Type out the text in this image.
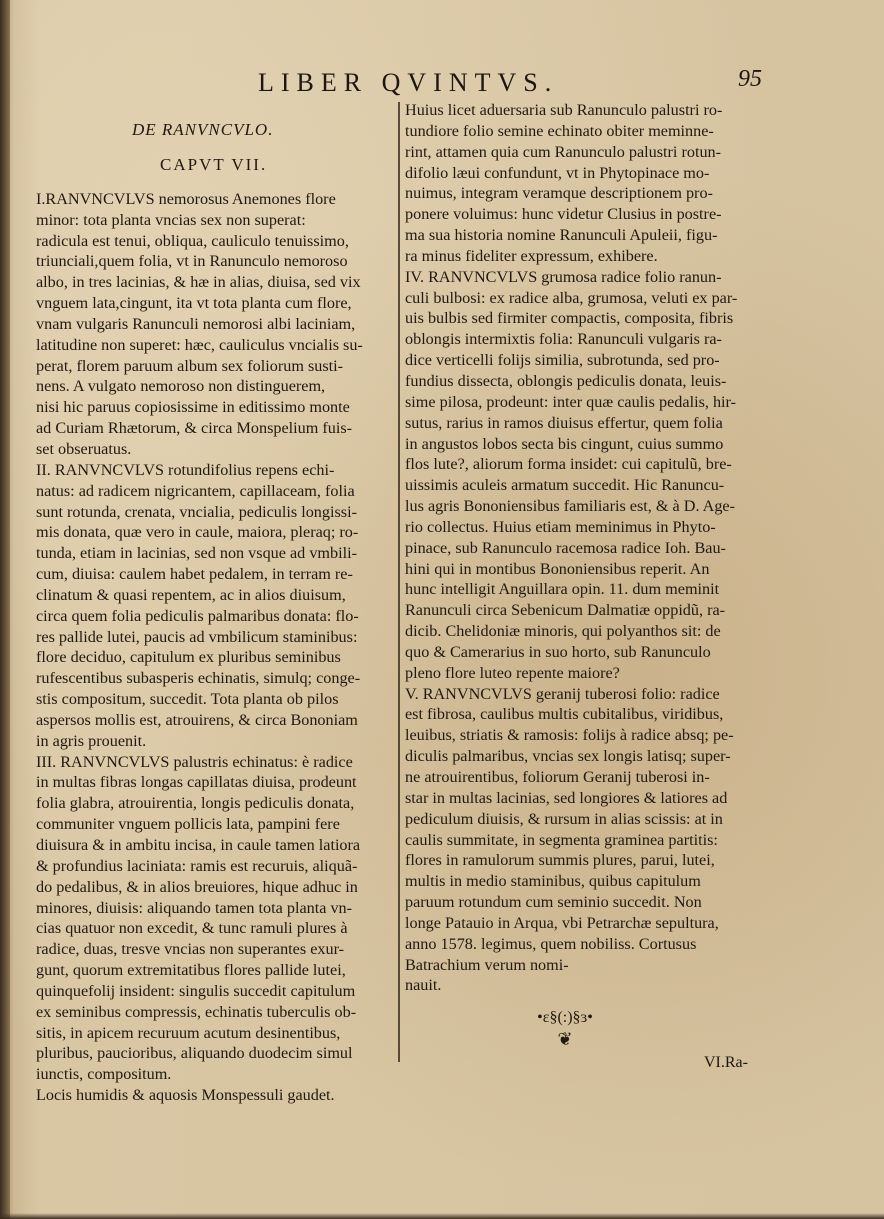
LIBER QVINTVS.	95
DE RANVNCVLO.
CAPVT VII.
I.RANVNCVLVS nemorosus Anemones flore
minor: tota planta vncias sex non superat:
radicula est tenui, obliqua, cauliculo tenuissimo,
triunciali,quem folia, vt in Ranunculo nemoroso
albo, in tres lacinias, & hæ in alias, diuisa, sed vix
vnguem lata,cingunt, ita vt tota planta cum flore,
vnam vulgaris Ranunculi nemorosi albi laciniam,
latitudine non superet: hæc, cauliculus vncialis su-
perat, florem paruum album sex foliorum susti-
nens. A vulgato nemoroso non distinguerem,
nisi hic paruus copiosissime in editissimo monte
ad Curiam Rhætorum, & circa Monspelium fuis-
set obseruatus.
II. RANVNCVLVS rotundifolius repens echi-
natus: ad radicem nigricantem, capillaceam, folia
sunt rotunda, crenata, vncialia, pediculis longissi-
mis donata, quæ vero in caule, maiora, pleraq; ro-
tunda, etiam in lacinias, sed non vsque ad vmbili-
cum, diuisa: caulem habet pedalem, in terram re-
clinatum & quasi repentem, ac in alios diuisum,
circa quem folia pediculis palmaribus donata: flo-
res pallide lutei, paucis ad vmbilicum staminibus:
flore deciduo, capitulum ex pluribus seminibus
rufescentibus subasperis echinatis, simulq; conge-
stis compositum, succedit. Tota planta ob pilos
aspersos mollis est, atrouirens, & circa Bononiam
in agris prouenit.
III. RANVNCVLVS palustris echinatus: è radice
in multas fibras longas capillatas diuisa, prodeunt
folia glabra, atrouirentia, longis pediculis donata,
communiter vnguem pollicis lata, pampini fere
diuisura & in ambitu incisa, in caule tamen latiora
& profundius laciniata: ramis est recuruis, aliquã-
do pedalibus, & in alios breuiores, hique adhuc in
minores, diuisis: aliquando tamen tota planta vn-
cias quatuor non excedit, & tunc ramuli plures à
radice, duas, tresve vncias non superantes exur-
gunt, quorum extremitatibus flores pallide lutei,
quinquefolij insident: singulis succedit capitulum
ex seminibus compressis, echinatis tuberculis ob-
sitis, in apicem recuruum acutum desinentibus,
pluribus, paucioribus, aliquando duodecim simul
iunctis, compositum.
Locis humidis & aquosis Monspessuli gaudet.
Huius licet aduersaria sub Ranunculo palustri ro-
tundiore folio semine echinato obiter meminne-
rint, attamen quia cum Ranunculo palustri rotun-
difolio læui confundunt, vt in Phytopinace mo-
nuimus, integram veramque descriptionem pro-
ponere voluimus: hunc videtur Clusius in postre-
ma sua historia nomine Ranunculi Apuleii, figu-
ra minus fideliter expressum, exhibere.
IV. RANVNCVLVS grumosa radice folio ranun-
culi bulbosi: ex radice alba, grumosa, veluti ex par-
uis bulbis sed firmiter compactis, composita, fibris
oblongis intermixtis folia: Ranunculi vulgaris ra-
dice verticelli folijs similia, subrotunda, sed pro-
fundius dissecta, oblongis pediculis donata, leuis-
sime pilosa, prodeunt: inter quæ caulis pedalis, hir-
sutus, rarius in ramos diuisus effertur, quem folia
in angustos lobos secta bis cingunt, cuius summo
flos lute?, aliorum forma insidet: cui capitulũ, bre-
uissimis aculeis armatum succedit. Hic Ranuncu-
lus agris Bononiensibus familiaris est, & à D. Age-
rio collectus. Huius etiam meminimus in Phyto-
pinace, sub Ranunculo racemosa radice Ioh. Bau-
hini qui in montibus Bononiensibus reperit. An
hunc intelligit Anguillara opin. 11. dum meminit
Ranunculi circa Sebenicum Dalmatiæ oppidũ, ra-
dicib. Chelidoniæ minoris, qui polyanthos sit: de
quo & Camerarius in suo horto, sub Ranunculo
pleno flore luteo repente maiore?
V. RANVNCVLVS geranij tuberosi folio: radice
est fibrosa, caulibus multis cubitalibus, viridibus,
leuibus, striatis & ramosis: folijs à radice absq; pe-
diculis palmaribus, vncias sex longis latisq; super-
ne atrouirentibus, foliorum Geranij tuberosi in-
star in multas lacinias, sed longiores & latiores ad
pediculum diuisis, & rursum in alias scissis: at in
caulis summitate, in segmenta graminea partitis:
flores in ramulorum summis plures, parui, lutei,
multis in medio staminibus, quibus capitulum
paruum rotundum cum seminio succedit. Non
longe Patauio in Arqua, vbi Petrarchæ sepultura,
anno 1578. legimus, quem nobiliss. Cortusus
Batrachium verum nomi-
nauit.
•ɛ§(:)§ɜ•
❦
VI.Ra-
